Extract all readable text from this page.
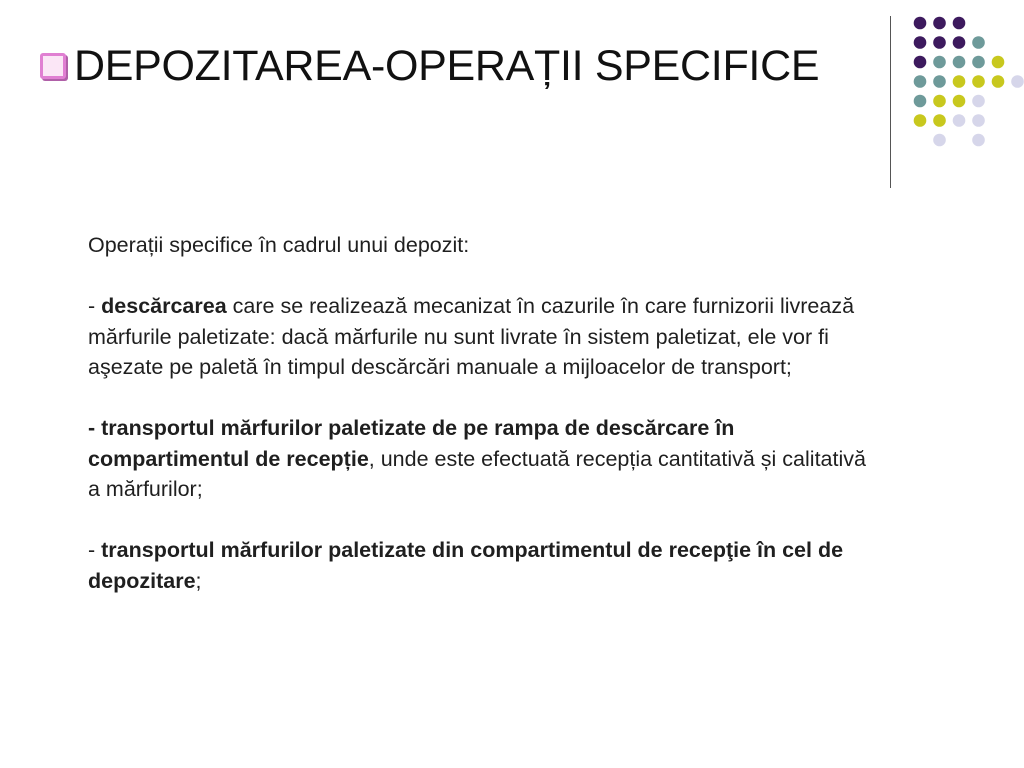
DEPOZITAREA-OPERAȚII SPECIFICE

Operații specifice în cadrul unui depozit:

- descărcarea care se realizează mecanizat în cazurile în care furnizorii livrează mărfurile paletizate: dacă mărfurile nu sunt livrate în sistem paletizat, ele vor fi aşezate pe paletă în timpul descărcări manuale a mijloacelor de transport;

- transportul mărfurilor paletizate de pe rampa de descărcare în compartimentul de recepție, unde este efectuată recepția cantitativă și calitativă a mărfurilor;

- transportul mărfurilor paletizate din compartimentul de recepţie în cel de depozitare;
